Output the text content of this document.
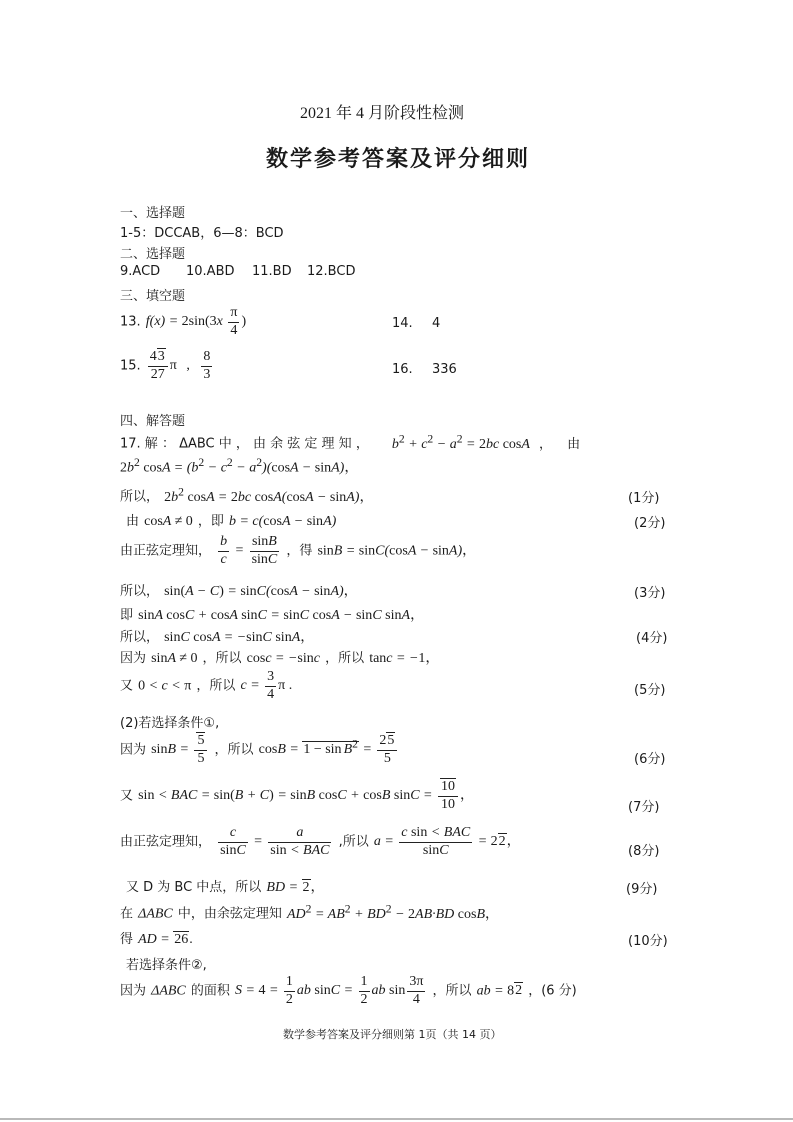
2021 年 4 月阶段性检测
数学参考答案及评分细则
一、选择题
1-5：DCCAB，6—8：BCD
二、选择题
9.ACD 10.ABD 11.BD 12.BCD
三、填空题
13. $f(x) = 2\sin(3x \frac{\pi}{4}$ )	14. 4
15. $\frac{43}{27}$ π , $\frac{8}{3}$	16. 336
四、解答题
17. 解 ： ΔABC 中 ， 由 余 弦 定 理 知 ， $b^2 + c^2 - a^2 = 2bc$ cosA ， 由
$2b^2$ $\cos A = (b^2 - c^2 - a^2)(\cos A - \sin A)$，
所以， $2b^2$ cosA = 2bc cosA(cosA − sinA)，	(1分)
由 cosA ≠ 0 ，即 b = c(cosA − sinA)	(2分)
由正弦定理知， $\frac{b}{c} = \frac{\sin B}{\sin C}$ ，得 sinB = sinC(cosA − sinA)，
所以， sin(A − C) = sinC(cosA − sinA)，	(3分)
即 sinA cosC + cosA sinC = sinC cosA − sinC sinA，
所以， sinC cosA = −sinC sinA，	(4分)
因为 sinA ≠ 0 ，所以 cosc = −sinc ，所以 tanc = −1，
又 0 < c < π ，所以 $c = \frac{3}{4}$ π .	(5分)
(2)若选择条件①,
因为 $\sin B = \frac{5}{5}$ ，所以 $\cos B = 1 - \sin B^2 = \frac{25}{5}$	(6分)
又 sin < BAC = sin(B + C) = sinB cosC + cosB $\sin C = \frac{10}{10}$ ，
(7分)
由正弦定理知， $\frac{c}{\sin C} = \frac{a}{\text{sin < BAC}}$ ,所以 $a = \frac{\text{c sin < BAC}}{\sin C} = 22$，
(8分)
又 D 为 BC 中点，所以 BD = 2，	(9分)
在 ΔABC 中，由余弦定理知 $AD^2 = AB^2 + BD^2 - 2AB\cdot BD$ cosB，
得 AD = 26.	(10分)
若选择条件②,
因为 ΔABC 的面积 $S = 4 = \frac{1}{2}$ ab $\sin C = \frac{1}{2}$ ab $\sin \frac{3\pi}{4}$ ，所以 ab = 82 ，(6 分)
数学参考答案及评分细则第 1页（共 14 页）
